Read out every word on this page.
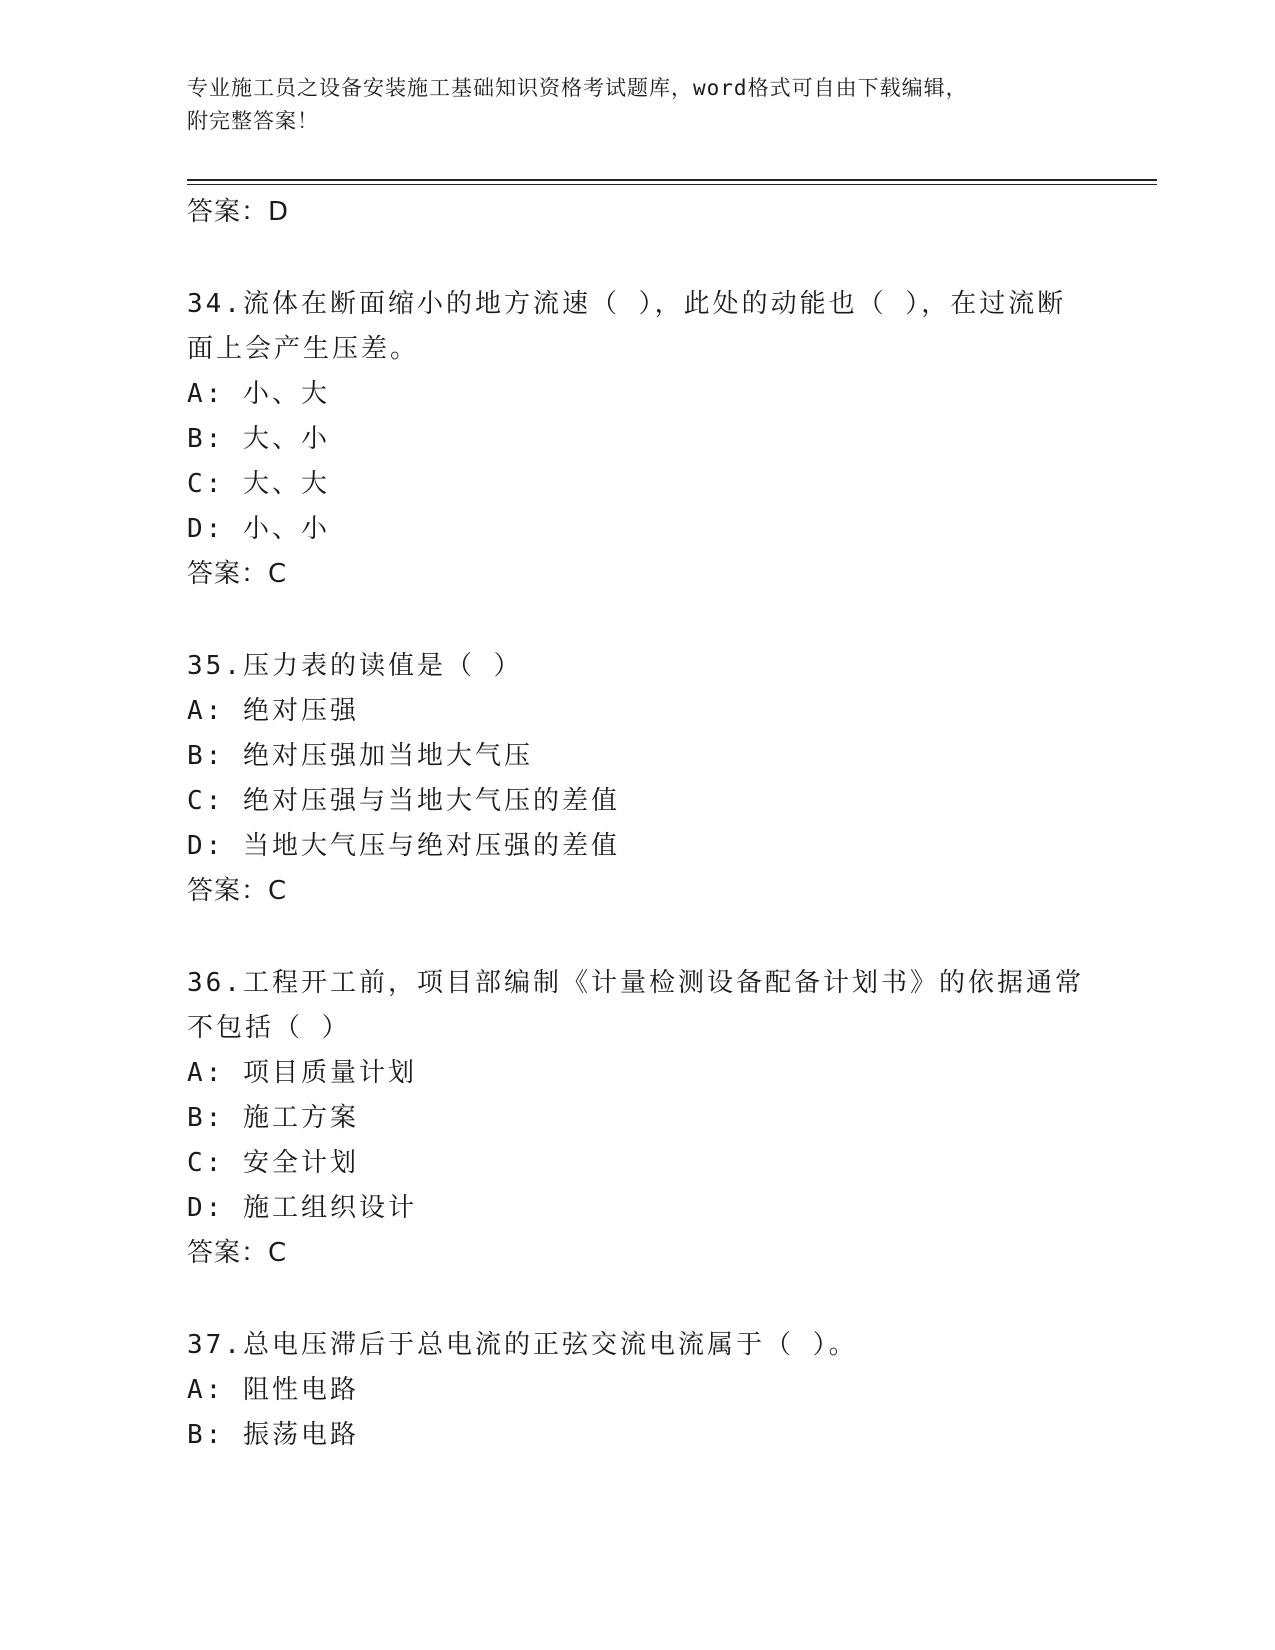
专业施工员之设备安装施工基础知识资格考试题库，word格式可自由下载编辑，
附完整答案！
答案：D
34.流体在断面缩小的地方流速（ ），此处的动能也（ ），在过流断
面上会产生压差。
A: 小、大
B: 大、小
C: 大、大
D: 小、小
答案：C
35.压力表的读值是（ ）
A: 绝对压强
B: 绝对压强加当地大气压
C: 绝对压强与当地大气压的差值
D: 当地大气压与绝对压强的差值
答案：C
36.工程开工前，项目部编制《计量检测设备配备计划书》的依据通常
不包括（ ）
A: 项目质量计划
B: 施工方案
C: 安全计划
D: 施工组织设计
答案：C
37.总电压滞后于总电流的正弦交流电流属于（ ）。
A: 阻性电路
B: 振荡电路
